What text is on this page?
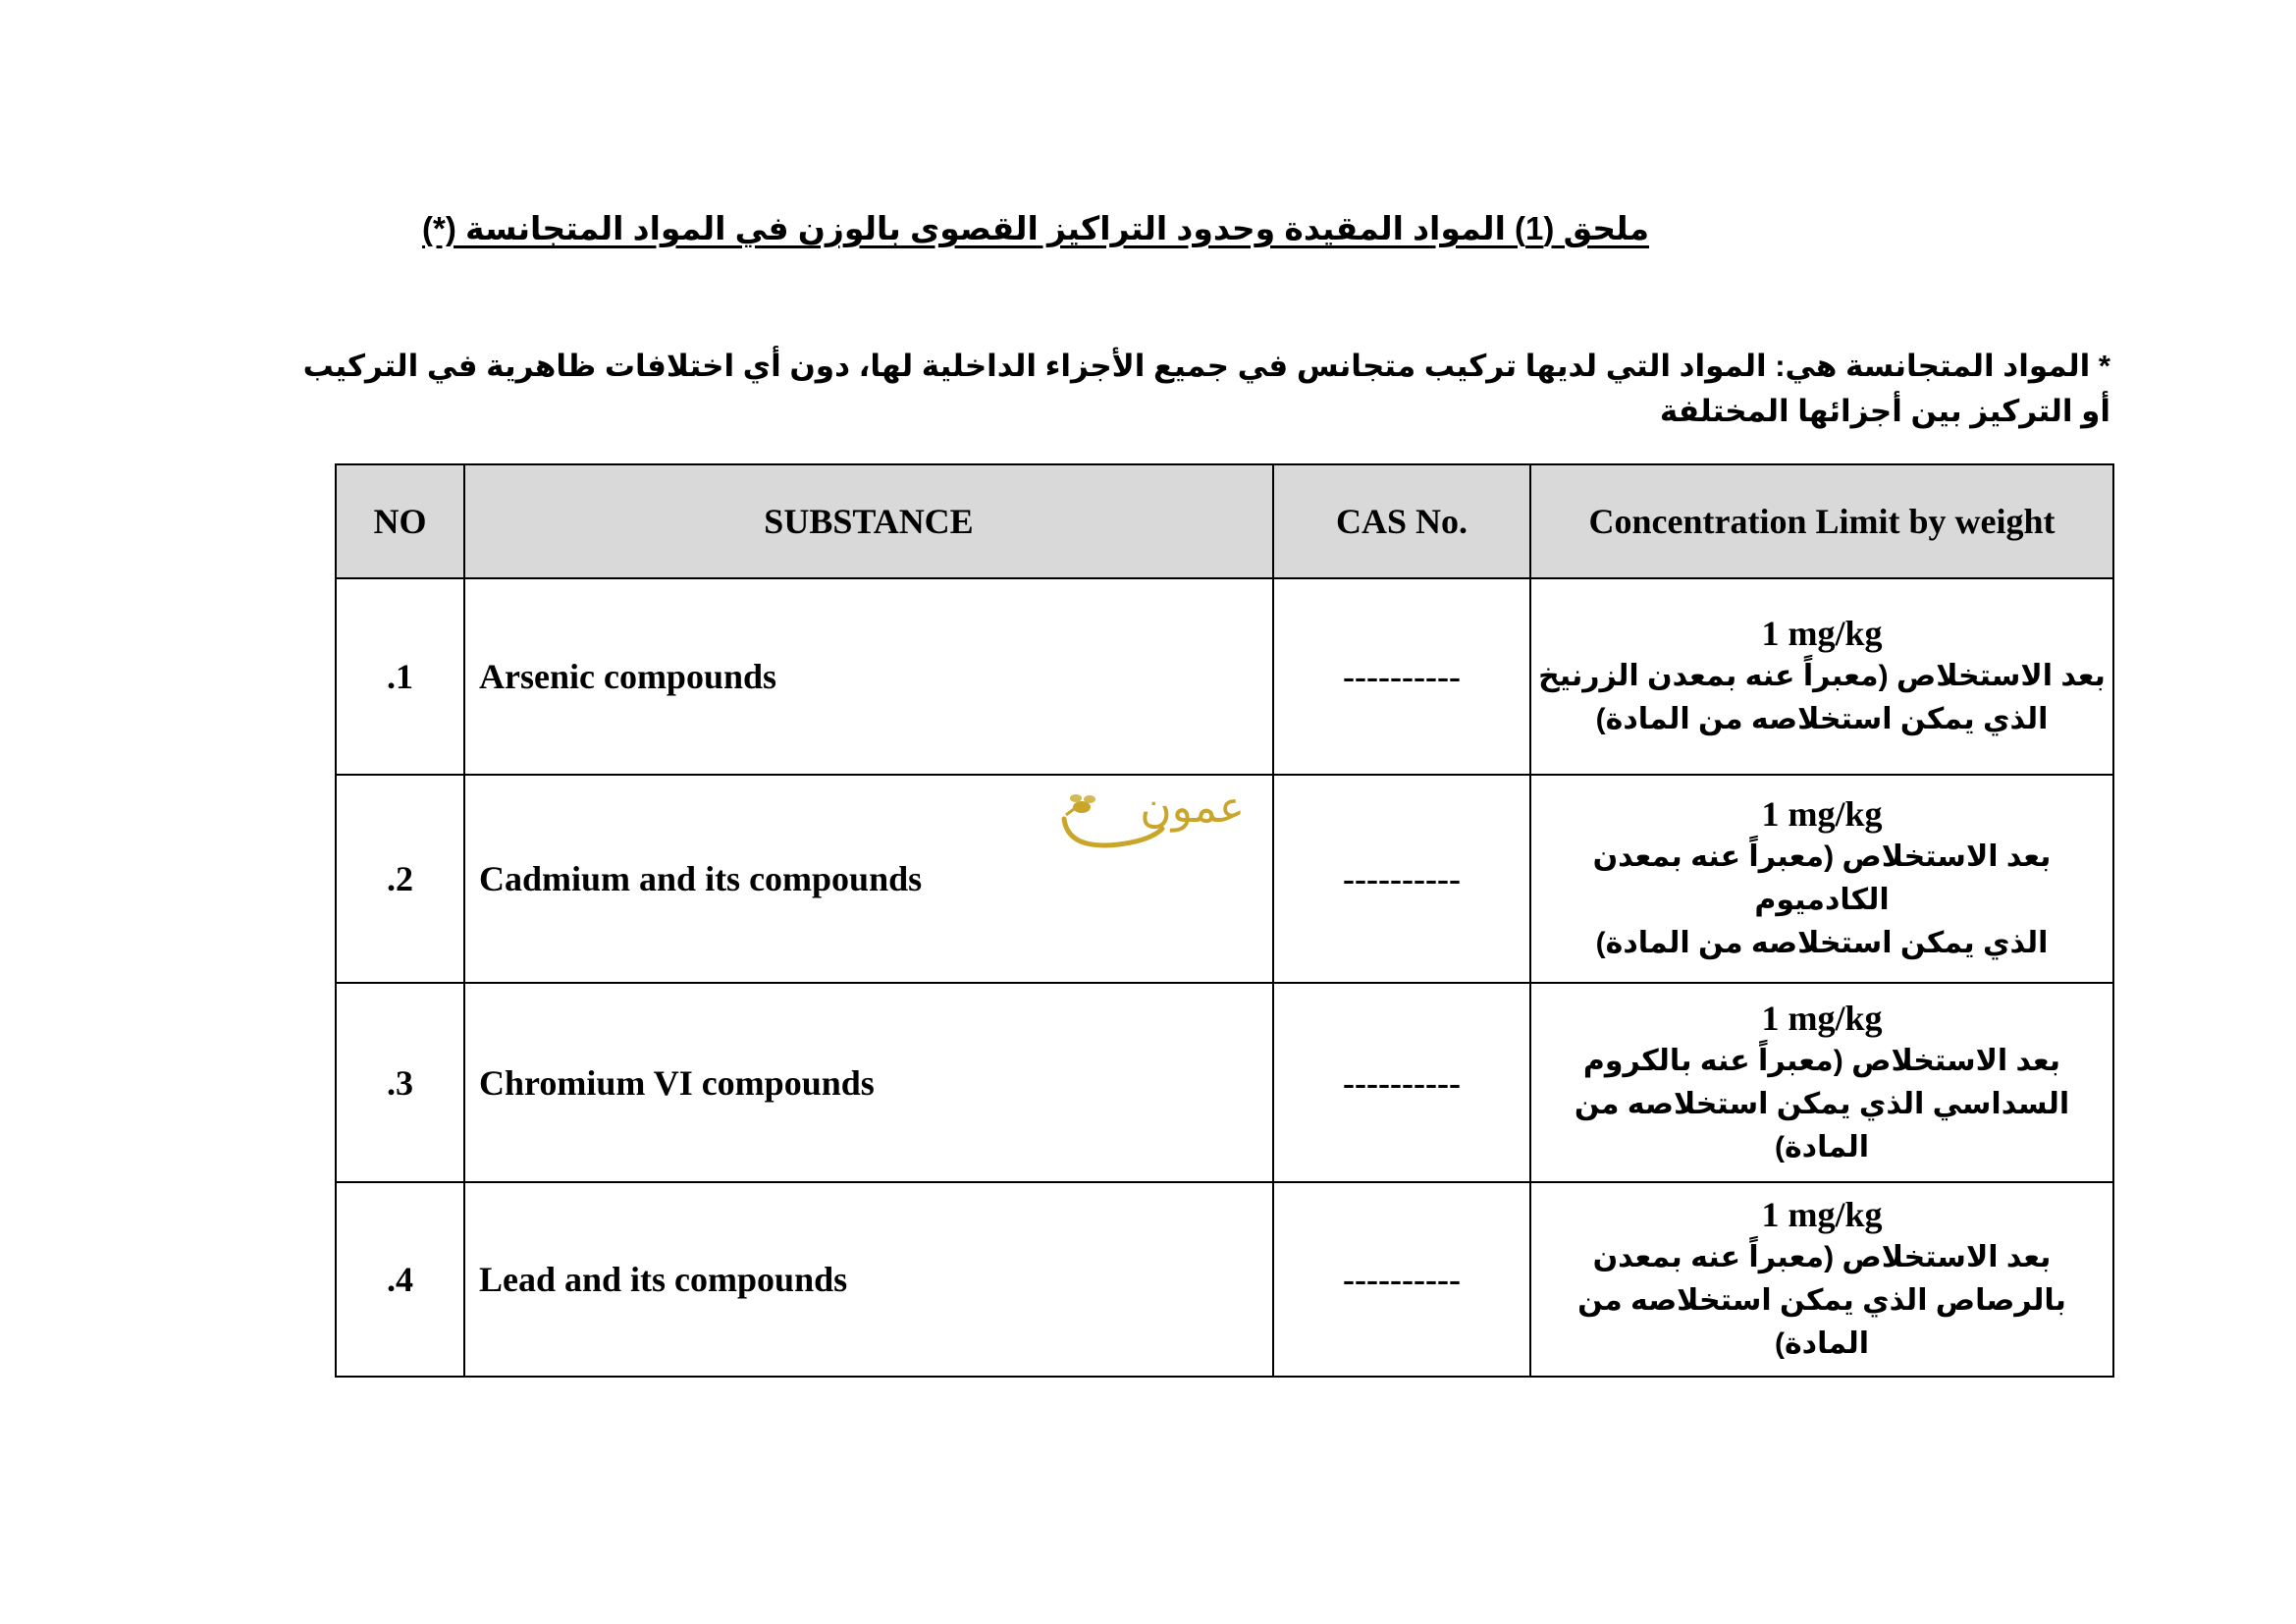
ملحق (1) المواد المقيدة وحدود التراكيز القصوى بالوزن في المواد المتجانسة (*)
* المواد المتجانسة هي: المواد التي لديها تركيب متجانس في جميع الأجزاء الداخلية لها، دون أي اختلافات ظاهرية في التركيب أو التركيز بين أجزائها المختلفة
NO	SUBSTANCE	CAS No.	Concentration Limit by weight
.1	Arsenic compounds	----------	1 mg/kg
بعد الاستخلاص (معبراً عنه بمعدن الزرنيخ
الذي يمكن استخلاصه من المادة)

.2	Cadmium and its compounds	----------	1 mg/kg
بعد الاستخلاص (معبراً عنه بمعدن الكادميوم
الذي يمكن استخلاصه من المادة)

.3	Chromium VI compounds	----------	1 mg/kg
بعد الاستخلاص (معبراً عنه بالكروم
السداسي الذي يمكن استخلاصه من المادة)

.4	Lead and its compounds	----------	1 mg/kg
بعد الاستخلاص (معبراً عنه بمعدن
بالرصاص الذي يمكن استخلاصه من المادة)
عمون
